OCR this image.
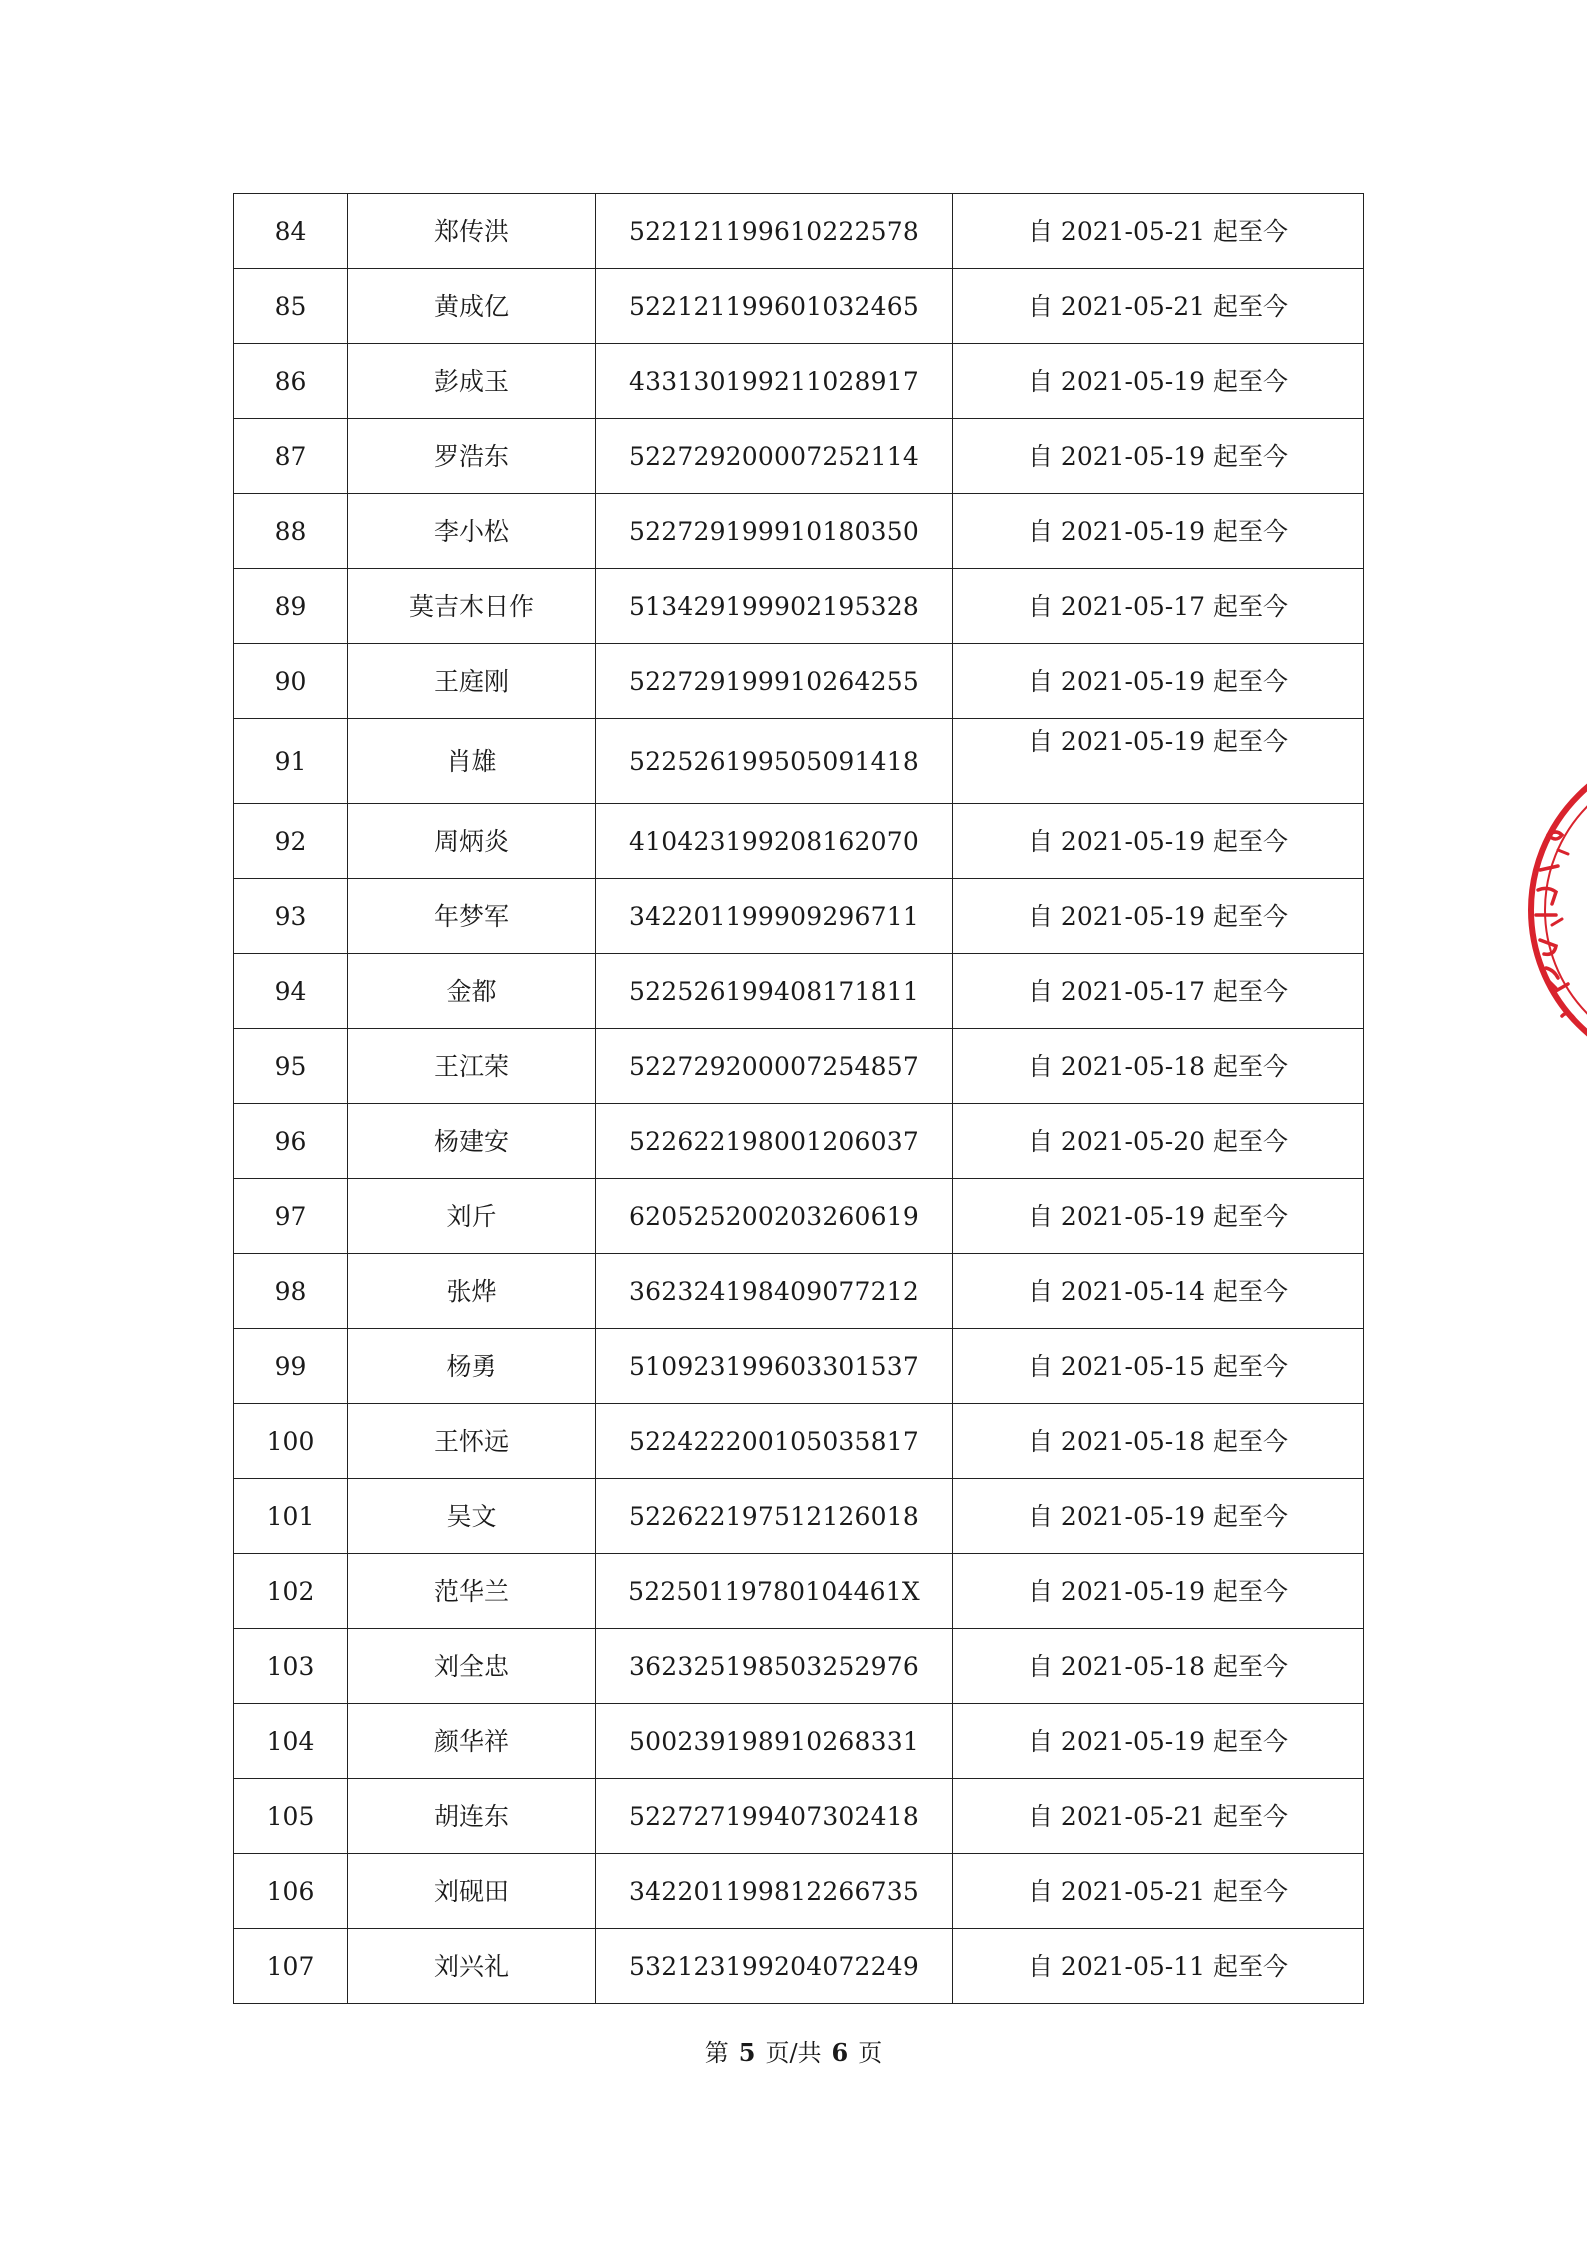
84	郑传洪	522121199610222578	自 2021-05-21 起至今
85	黄成亿	522121199601032465	自 2021-05-21 起至今
86	彭成玉	433130199211028917	自 2021-05-19 起至今
87	罗浩东	522729200007252114	自 2021-05-19 起至今
88	李小松	522729199910180350	自 2021-05-19 起至今
89	莫吉木日作	513429199902195328	自 2021-05-17 起至今
90	王庭刚	522729199910264255	自 2021-05-19 起至今
91	肖雄	522526199505091418	自 2021-05-19 起至今
92	周炳炎	410423199208162070	自 2021-05-19 起至今
93	年梦军	342201199909296711	自 2021-05-19 起至今
94	金都	522526199408171811	自 2021-05-17 起至今
95	王江荣	522729200007254857	自 2021-05-18 起至今
96	杨建安	522622198001206037	自 2021-05-20 起至今
97	刘斤	620525200203260619	自 2021-05-19 起至今
98	张烨	362324198409077212	自 2021-05-14 起至今
99	杨勇	510923199603301537	自 2021-05-15 起至今
100	王怀远	522422200105035817	自 2021-05-18 起至今
101	吴文	522622197512126018	自 2021-05-19 起至今
102	范华兰	52250119780104461X	自 2021-05-19 起至今
103	刘全忠	362325198503252976	自 2021-05-18 起至今
104	颜华祥	500239198910268331	自 2021-05-19 起至今
105	胡连东	522727199407302418	自 2021-05-21 起至今
106	刘砚田	342201199812266735	自 2021-05-21 起至今
107	刘兴礼	532123199204072249	自 2021-05-11 起至今
第 5 页/共 6 页
